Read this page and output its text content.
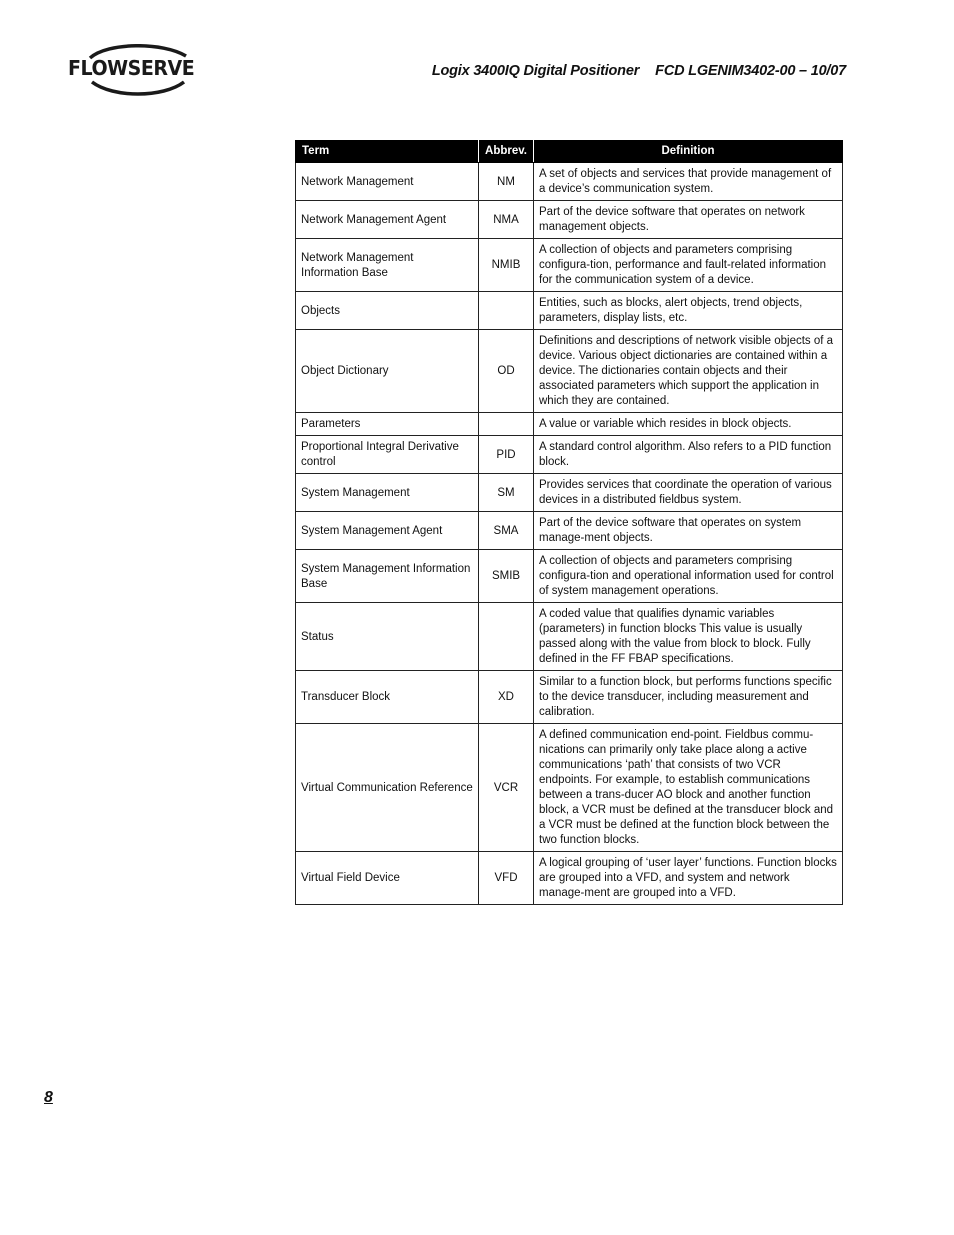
FLOWSERVE	Logix 3400IQ Digital Positioner FCD LGENIM3402-00 – 10/07
Term	Abbrev.	Definition
Network Management	NM	A set of objects and services that provide management of a device’s communication system.
Network Management Agent	NMA	Part of the device software that operates on network management objects.
Network Management Information Base	NMIB	A collection of objects and parameters comprising configura-tion, performance and fault-related information for the communication system of a device.
Objects		Entities, such as blocks, alert objects, trend objects, parameters, display lists, etc.
Object Dictionary	OD	Definitions and descriptions of network visible objects of a device. Various object dictionaries are contained within a device. The dictionaries contain objects and their associated parameters which support the application in which they are contained.
Parameters		A value or variable which resides in block objects.
Proportional Integral Derivative control	PID	A standard control algorithm. Also refers to a PID function block.
System Management	SM	Provides services that coordinate the operation of various devices in a distributed fieldbus system.
System Management Agent	SMA	Part of the device software that operates on system manage-ment objects.
System Management Information Base	SMIB	A collection of objects and parameters comprising configura-tion and operational information used for control of system management operations.
Status		A coded value that qualifies dynamic variables (parameters) in function blocks This value is usually passed along with the value from block to block. Fully defined in the FF FBAP specifications.
Transducer Block	XD	Similar to a function block, but performs functions specific to the device transducer, including measurement and calibration.
Virtual Communication Reference	VCR	A defined communication end-point. Fieldbus commu-nications can primarily only take place along a active communications ‘path’ that consists of two VCR endpoints. For example, to establish communications between a trans-ducer AO block and another function block, a VCR must be defined at the transducer block and a VCR must be defined at the function block between the two function blocks.
Virtual Field Device	VFD	A logical grouping of ‘user layer’ functions. Function blocks are grouped into a VFD, and system and network manage-ment are grouped into a VFD.
8
